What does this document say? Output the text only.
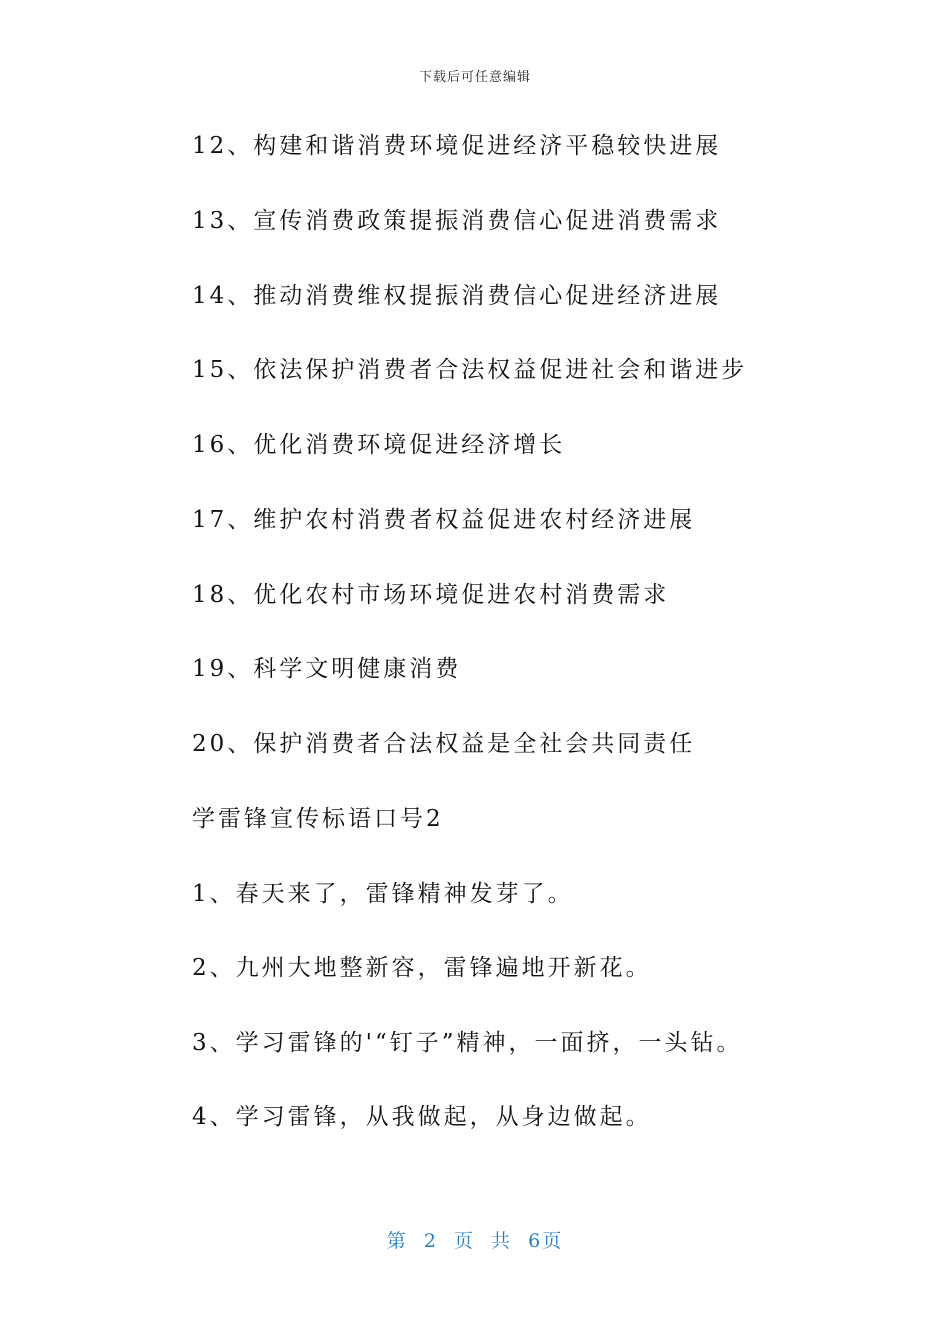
下载后可任意编辑
12、构建和谐消费环境促进经济平稳较快进展
13、宣传消费政策提振消费信心促进消费需求
14、推动消费维权提振消费信心促进经济进展
15、依法保护消费者合法权益促进社会和谐进步
16、优化消费环境促进经济增长
17、维护农村消费者权益促进农村经济进展
18、优化农村市场环境促进农村消费需求
19、科学文明健康消费
20、保护消费者合法权益是全社会共同责任
学雷锋宣传标语口号2
1、春天来了，雷锋精神发芽了。
2、九州大地整新容，雷锋遍地开新花。
3、学习雷锋的'“钉子”精神，一面挤，一头钻。
4、学习雷锋，从我做起，从身边做起。
第 2 页 共 6页
